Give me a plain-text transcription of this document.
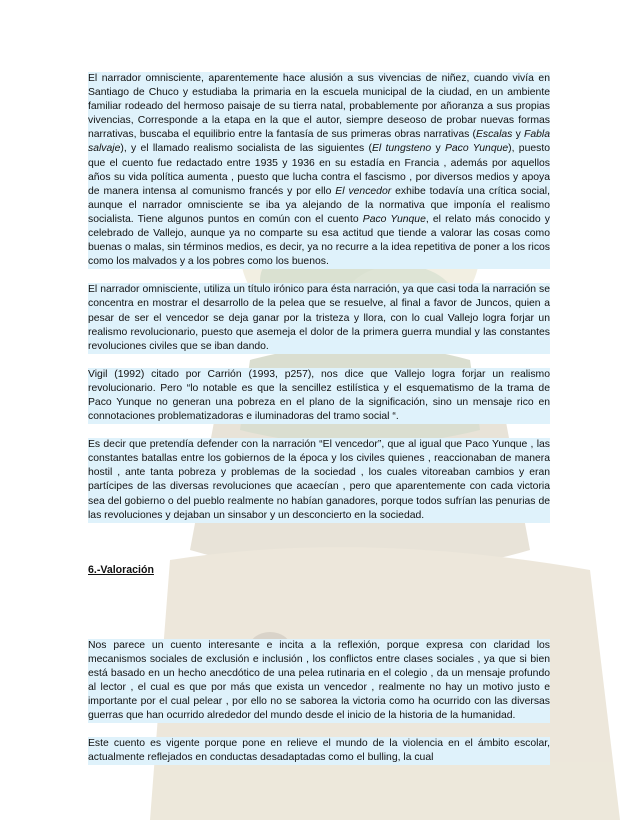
El narrador omnisciente, aparentemente hace alusión a sus vivencias de niñez, cuando vivía en Santiago de Chuco y estudiaba la primaria en la escuela municipal de la ciudad, en un ambiente familiar rodeado del hermoso paisaje de su tierra natal, probablemente por añoranza a sus propias vivencias, Corresponde a la etapa en la que el autor, siempre deseoso de probar nuevas formas narrativas, buscaba el equilibrio entre la fantasía de sus primeras obras narrativas (Escalas y Fabla salvaje), y el llamado realismo socialista de las siguientes (El tungsteno y Paco Yunque), puesto que el cuento fue redactado entre 1935 y 1936 en su estadía en Francia , además por aquellos años su vida política aumenta , puesto que lucha contra el fascismo , por diversos medios y apoya de manera intensa al comunismo francés y por ello El vencedor exhibe todavía una crítica social, aunque el narrador omnisciente se iba ya alejando de la normativa que imponía el realismo socialista. Tiene algunos puntos en común con el cuento Paco Yunque, el relato más conocido y celebrado de Vallejo, aunque ya no comparte su esa actitud que tiende a valorar las cosas como buenas o malas, sin términos medios, es decir, ya no recurre a la idea repetitiva de poner a los ricos como los malvados y a los pobres como los buenos.

El narrador omnisciente, utiliza un título irónico para ésta narración, ya que casi toda la narración se concentra en mostrar el desarrollo de la pelea que se resuelve, al final a favor de Juncos, quien a pesar de ser el vencedor se deja ganar por la tristeza y llora, con lo cual Vallejo logra forjar un realismo revolucionario, puesto que asemeja el dolor de la primera guerra mundial y las constantes revoluciones civiles que se iban dando.

Vigil (1992) citado por Carrión (1993, p257), nos dice que Vallejo logra forjar un realismo revolucionario. Pero “lo notable es que la sencillez estilística y el esquematismo de la trama de Paco Yunque no generan una pobreza en el plano de la significación, sino un mensaje rico en connotaciones problematizadoras e iluminadoras del tramo social “.

Es decir que pretendía defender con la narración “El vencedor”, que al igual que Paco Yunque , las constantes batallas entre los gobiernos de la época y los civiles quienes , reaccionaban de manera hostil , ante tanta pobreza y problemas de la sociedad , los cuales vitoreaban cambios y eran partícipes de las diversas revoluciones que acaecían , pero que aparentemente con cada victoria sea del gobierno o del pueblo realmente no habían ganadores, porque todos sufrían las penurias de las revoluciones y dejaban un sinsabor y un desconcierto en la sociedad.

6.-Valoración

Nos parece un cuento interesante e incita a la reflexión, porque expresa con claridad los mecanismos sociales de exclusión e inclusión , los conflictos entre clases sociales , ya que si bien está basado en un hecho anecdótico de una pelea rutinaria en el colegio , da un mensaje profundo al lector , el cual es que por más que exista un vencedor , realmente no hay un motivo justo e importante por el cual pelear , por ello no se saborea la victoria como ha ocurrido con las diversas guerras que han ocurrido alrededor del mundo desde el inicio de la historia de la humanidad.

Este cuento es vigente porque pone en relieve el mundo de la violencia en el ámbito escolar, actualmente reflejados en conductas desadaptadas como el bulling, la cual
